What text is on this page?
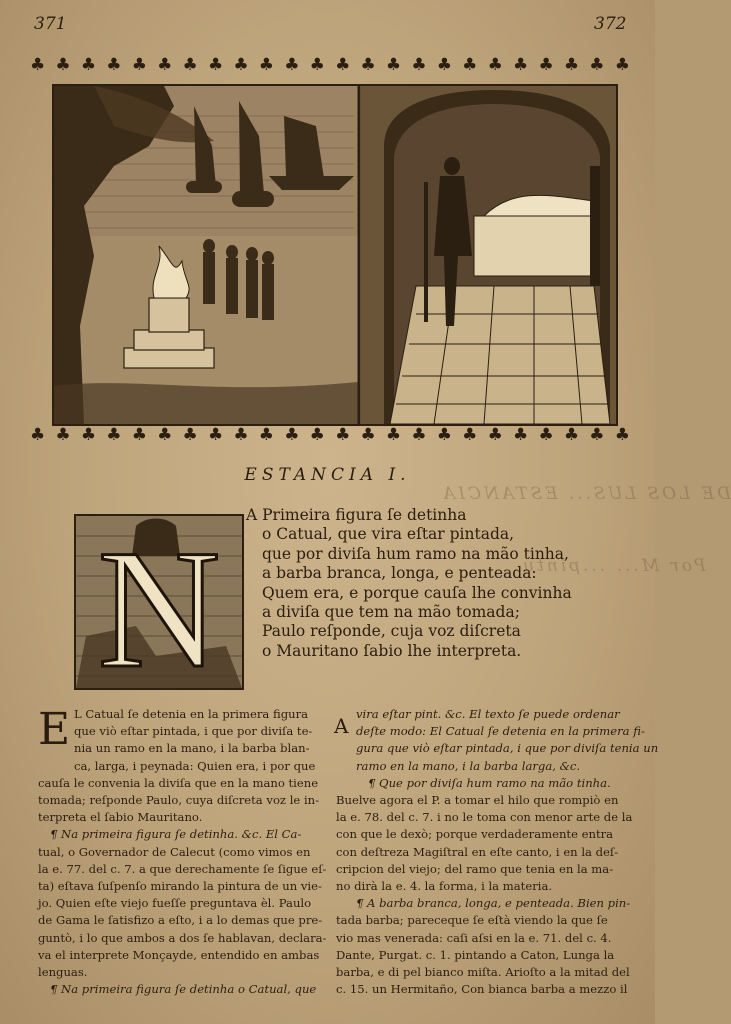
371	372
♣ ♣ ♣ ♣ ♣ ♣ ♣ ♣ ♣ ♣ ♣ ♣ ♣ ♣ ♣ ♣ ♣ ♣ ♣ ♣ ♣ ♣ ♣ ♣
♣ ♣ ♣ ♣ ♣ ♣ ♣ ♣ ♣ ♣ ♣ ♣ ♣ ♣ ♣ ♣ ♣ ♣ ♣ ♣ ♣ ♣ ♣ ♣
DE LOS LUS... ESTANCIA
Por M... ...pintu
ESTANCIA I.
N A Primeira figura ſe detinha
o Catual, que vira eſtar pintada,
que por diviſa hum ramo na mão tinha,
a barba branca, longa, e penteada:
Quem era, e porque cauſa lhe convinha
a diviſa que tem na mão tomada;
Paulo reſponde, cuja voz diſcreta
o Mauritano ſabio lhe interpreta.
E L Catual ſe detenia en la primera figura
que viò eſtar pintada, i que por diviſa te-
nia un ramo en la mano, i la barba blan-
ca, larga, i peynada: Quien era, i por que
cauſa le convenia la diviſa que en la mano tiene
tomada; reſponde Paulo, cuya diſcreta voz le in-
terpreta el ſabio Mauritano.
¶ Na primeira figura ſe detinha. &c. El Ca-
tual, o Governador de Calecut (como vimos en
la e. 77. del c. 7. a que derechamente ſe ſigue eſ-
ta) eſtava ſuſpenſo mirando la pintura de un vie-
jo. Quien eſte viejo fueſſe preguntava èl. Paulo
de Gama le ſatisfizo a eſto, i a lo demas que pre-
guntò, i lo que ambos a dos ſe hablavan, declara-
va el interprete Monçayde, entendido en ambas
lenguas.
¶ Na primeira figura ſe detinha o Catual, que
A vira eſtar pint. &c. El texto ſe puede ordenar
deſte modo: El Catual ſe detenia en la primera fi-
gura que viò eſtar pintada, i que por diviſa tenia un
ramo en la mano, i la barba larga, &c.
¶ Que por diviſa hum ramo na mão tinha.
Buelve agora el P. a tomar el hilo que rompiò en
la e. 78. del c. 7. i no le toma con menor arte de la
con que le dexò; porque verdaderamente entra
con deſtreza Magiſtral en eſte canto, i en la deſ-
cripcion del viejo; del ramo que tenia en la ma-
no dirà la e. 4. la forma, i la materia.
¶ A barba branca, longa, e penteada. Bien pin-
tada barba; pareceque ſe eſtà viendo la que ſe
vio mas venerada: caſi aſsi en la e. 71. del c. 4.
Dante, Purgat. c. 1. pintando a Caton, Lunga la
barba, e di pel bianco miſta. Arioſto a la mitad del
c. 15. un Hermitaño, Con bianca barba a mezzo il
